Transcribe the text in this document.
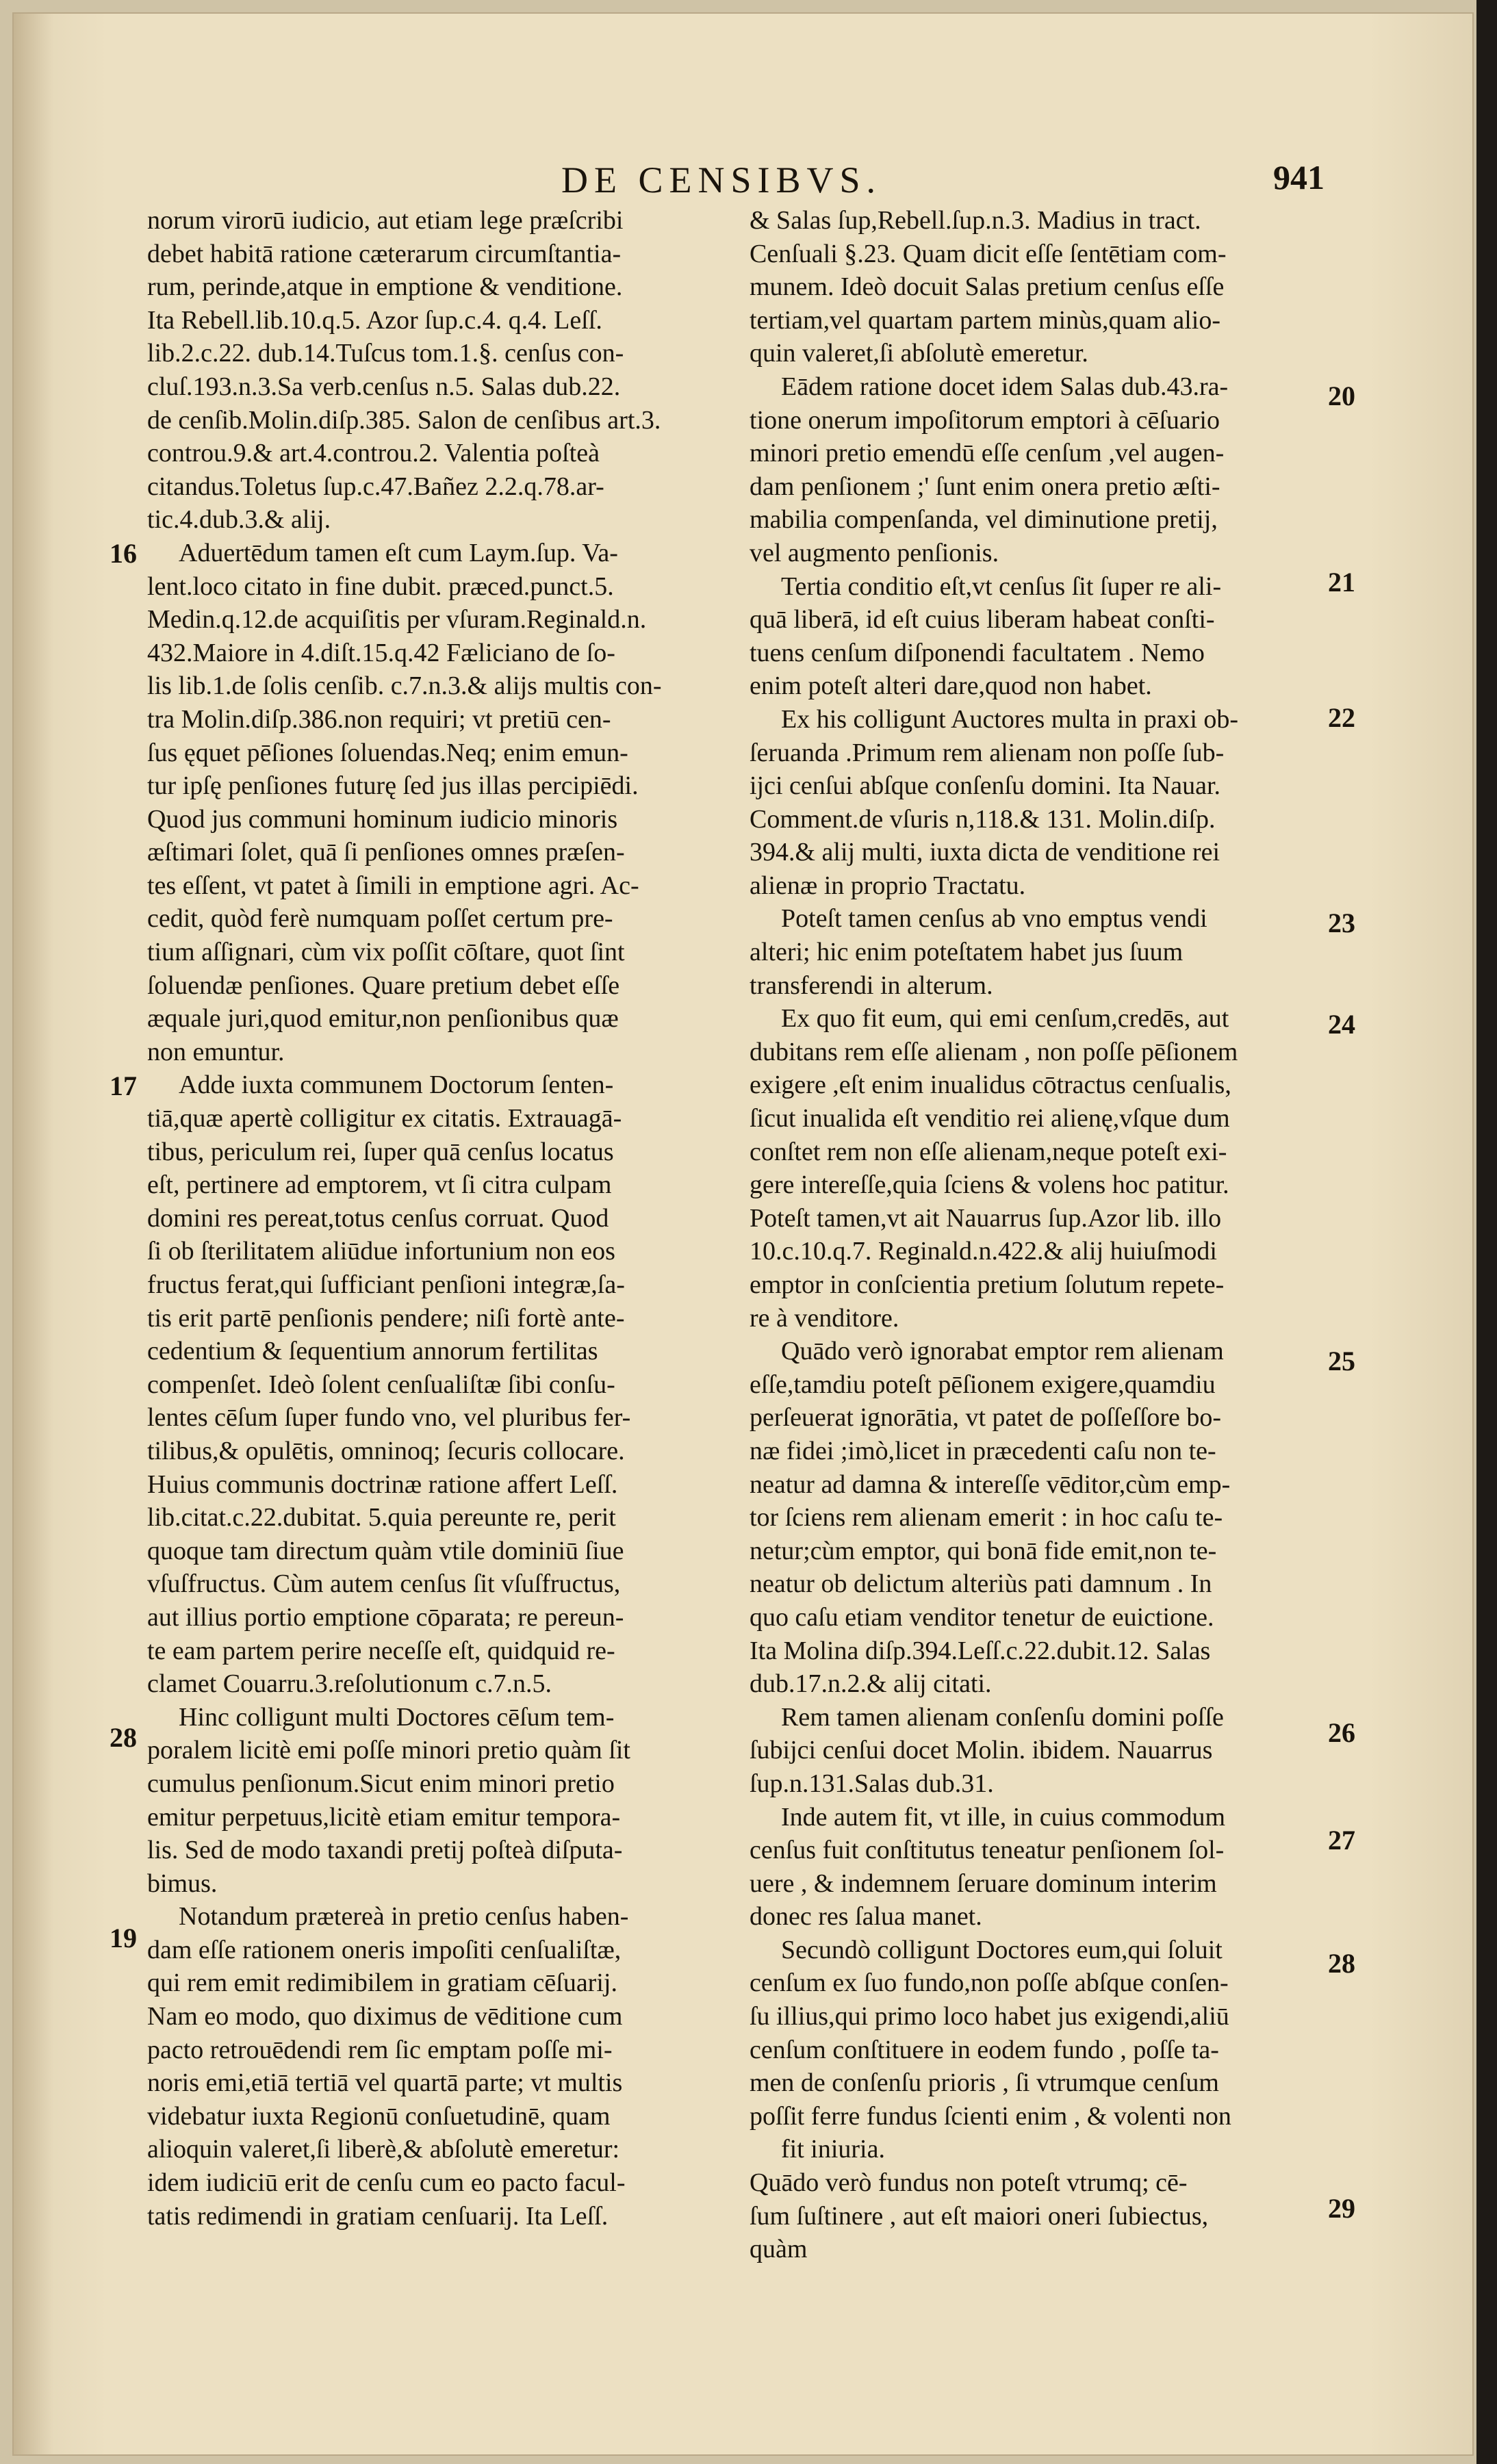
DE CENSIBVS.	941
norum virorū iudicio, aut etiam lege præſcribi
debet habitā ratione cæterarum circumſtantia-
rum, perinde,atque in emptione & venditione.
Ita Rebell.lib.10.q.5. Azor ſup.c.4. q.4. Leſſ.
lib.2.c.22. dub.14.Tuſcus tom.1.§. cenſus con-
cluſ.193.n.3.Sa verb.cenſus n.5. Salas dub.22.
de cenſib.Molin.diſp.385. Salon de cenſibus art.3.
controu.9.& art.4.controu.2. Valentia poſteà
citandus.Toletus ſup.c.47.Bañez 2.2.q.78.ar-
tic.4.dub.3.& alij.
Aduertēdum tamen eſt cum Laym.ſup. Va-
lent.loco citato in fine dubit. præced.punct.5.
Medin.q.12.de acquiſitis per vſuram.Reginald.n.
432.Maiore in 4.diſt.15.q.42 Fæliciano de ſo-
lis lib.1.de ſolis cenſib. c.7.n.3.& alijs multis con-
tra Molin.diſp.386.non requiri; vt pretiū cen-
ſus ęquet pēſiones ſoluendas.Neq; enim emun-
tur ipſę penſiones futurę ſed jus illas percipiēdi.
Quod jus communi hominum iudicio minoris
æſtimari ſolet, quā ſi penſiones omnes præſen-
tes eſſent, vt patet à ſimili in emptione agri. Ac-
cedit, quòd ferè numquam poſſet certum pre-
tium aſſignari, cùm vix poſſit cōſtare, quot ſint
ſoluendæ penſiones. Quare pretium debet eſſe
æquale juri,quod emitur,non penſionibus quæ
non emuntur.
Adde iuxta communem Doctorum ſenten-
tiā,quæ apertè colligitur ex citatis. Extrauagā-
tibus, periculum rei, ſuper quā cenſus locatus
eſt, pertinere ad emptorem, vt ſi citra culpam
domini res pereat,totus cenſus corruat. Quod
ſi ob ſterilitatem aliūdue infortunium non eos
fructus ferat,qui ſufficiant penſioni integræ,ſa-
tis erit partē penſionis pendere; niſi fortè ante-
cedentium & ſequentium annorum fertilitas
compenſet. Ideò ſolent cenſualiſtæ ſibi conſu-
lentes cēſum ſuper fundo vno, vel pluribus fer-
tilibus,& opulētis, omninoq; ſecuris collocare.
Huius communis doctrinæ ratione affert Leſſ.
lib.citat.c.22.dubitat. 5.quia pereunte re, perit
quoque tam directum quàm vtile dominiū ſiue
vſuſfructus. Cùm autem cenſus ſit vſuſfructus,
aut illius portio emptione cōparata; re pereun-
te eam partem perire neceſſe eſt, quidquid re-
clamet Couarru.3.reſolutionum c.7.n.5.
Hinc colligunt multi Doctores cēſum tem-
poralem licitè emi poſſe minori pretio quàm ſit
cumulus penſionum.Sicut enim minori pretio
emitur perpetuus,licitè etiam emitur tempora-
lis. Sed de modo taxandi pretij poſteà diſputa-
bimus.
Notandum prætereà in pretio cenſus haben-
dam eſſe rationem oneris impoſiti cenſualiſtæ,
qui rem emit redimibilem in gratiam cēſuarij.
Nam eo modo, quo diximus de vēditione cum
pacto retrouēdendi rem ſic emptam poſſe mi-
noris emi,etiā tertiā vel quartā parte; vt multis
videbatur iuxta Regionū conſuetudinē, quam
alioquin valeret,ſi liberè,& abſolutè emeretur:
idem iudiciū erit de cenſu cum eo pacto facul-
tatis redimendi in gratiam cenſuarij. Ita Leſſ.
& Salas ſup,Rebell.ſup.n.3. Madius in tract.
Cenſuali §.23. Quam dicit eſſe ſentētiam com-
munem. Ideò docuit Salas pretium cenſus eſſe
tertiam,vel quartam partem minùs,quam alio-
quin valeret,ſi abſolutè emeretur.
Eādem ratione docet idem Salas dub.43.ra-
tione onerum impoſitorum emptori à cēſuario
minori pretio emendū eſſe cenſum ,vel augen-
dam penſionem ;' ſunt enim onera pretio æſti-
mabilia compenſanda, vel diminutione pretij,
vel augmento penſionis.
Tertia conditio eſt,vt cenſus ſit ſuper re ali-
quā liberā, id eſt cuius liberam habeat conſti-
tuens cenſum diſponendi facultatem . Nemo
enim poteſt alteri dare,quod non habet.
Ex his colligunt Auctores multa in praxi ob-
ſeruanda .Primum rem alienam non poſſe ſub-
ijci cenſui abſque conſenſu domini. Ita Nauar.
Comment.de vſuris n,118.& 131. Molin.diſp.
394.& alij multi, iuxta dicta de venditione rei
alienæ in proprio Tractatu.
Poteſt tamen cenſus ab vno emptus vendi
alteri; hic enim poteſtatem habet jus ſuum
transferendi in alterum.
Ex quo fit eum, qui emi cenſum,credēs, aut
dubitans rem eſſe alienam , non poſſe pēſionem
exigere ,eſt enim inualidus cōtractus cenſualis,
ſicut inualida eſt venditio rei alienę,vſque dum
conſtet rem non eſſe alienam,neque poteſt exi-
gere intereſſe,quia ſciens & volens hoc patitur.
Poteſt tamen,vt ait Nauarrus ſup.Azor lib. illo
10.c.10.q.7. Reginald.n.422.& alij huiuſmodi
emptor in conſcientia pretium ſolutum repete-
re à venditore.
Quādo verò ignorabat emptor rem alienam
eſſe,tamdiu poteſt pēſionem exigere,quamdiu
perſeuerat ignorātia, vt patet de poſſeſſore bo-
næ fidei ;imò,licet in præcedenti caſu non te-
neatur ad damna & intereſſe vēditor,cùm emp-
tor ſciens rem alienam emerit : in hoc caſu te-
netur;cùm emptor, qui bonā fide emit,non te-
neatur ob delictum alteriùs pati damnum . In
quo caſu etiam venditor tenetur de euictione.
Ita Molina diſp.394.Leſſ.c.22.dubit.12. Salas
dub.17.n.2.& alij citati.
Rem tamen alienam conſenſu domini poſſe
ſubijci cenſui docet Molin. ibidem. Nauarrus
ſup.n.131.Salas dub.31.
Inde autem fit, vt ille, in cuius commodum
cenſus fuit conſtitutus teneatur penſionem ſol-
uere , & indemnem ſeruare dominum interim
donec res ſalua manet.
Secundò colligunt Doctores eum,qui ſoluit
cenſum ex ſuo fundo,non poſſe abſque conſen-
ſu illius,qui primo loco habet jus exigendi,aliū
cenſum conſtituere in eodem fundo , poſſe ta-
men de conſenſu prioris , ſi vtrumque cenſum
poſſit ferre fundus ſcienti enim , & volenti non
fit iniuria.
Quādo verò fundus non poteſt vtrumq; cē-
ſum ſuſtinere , aut eſt maiori oneri ſubiectus,
quàm
16
17
28
19
20
21
22
23
24
25
26
27
28
29
